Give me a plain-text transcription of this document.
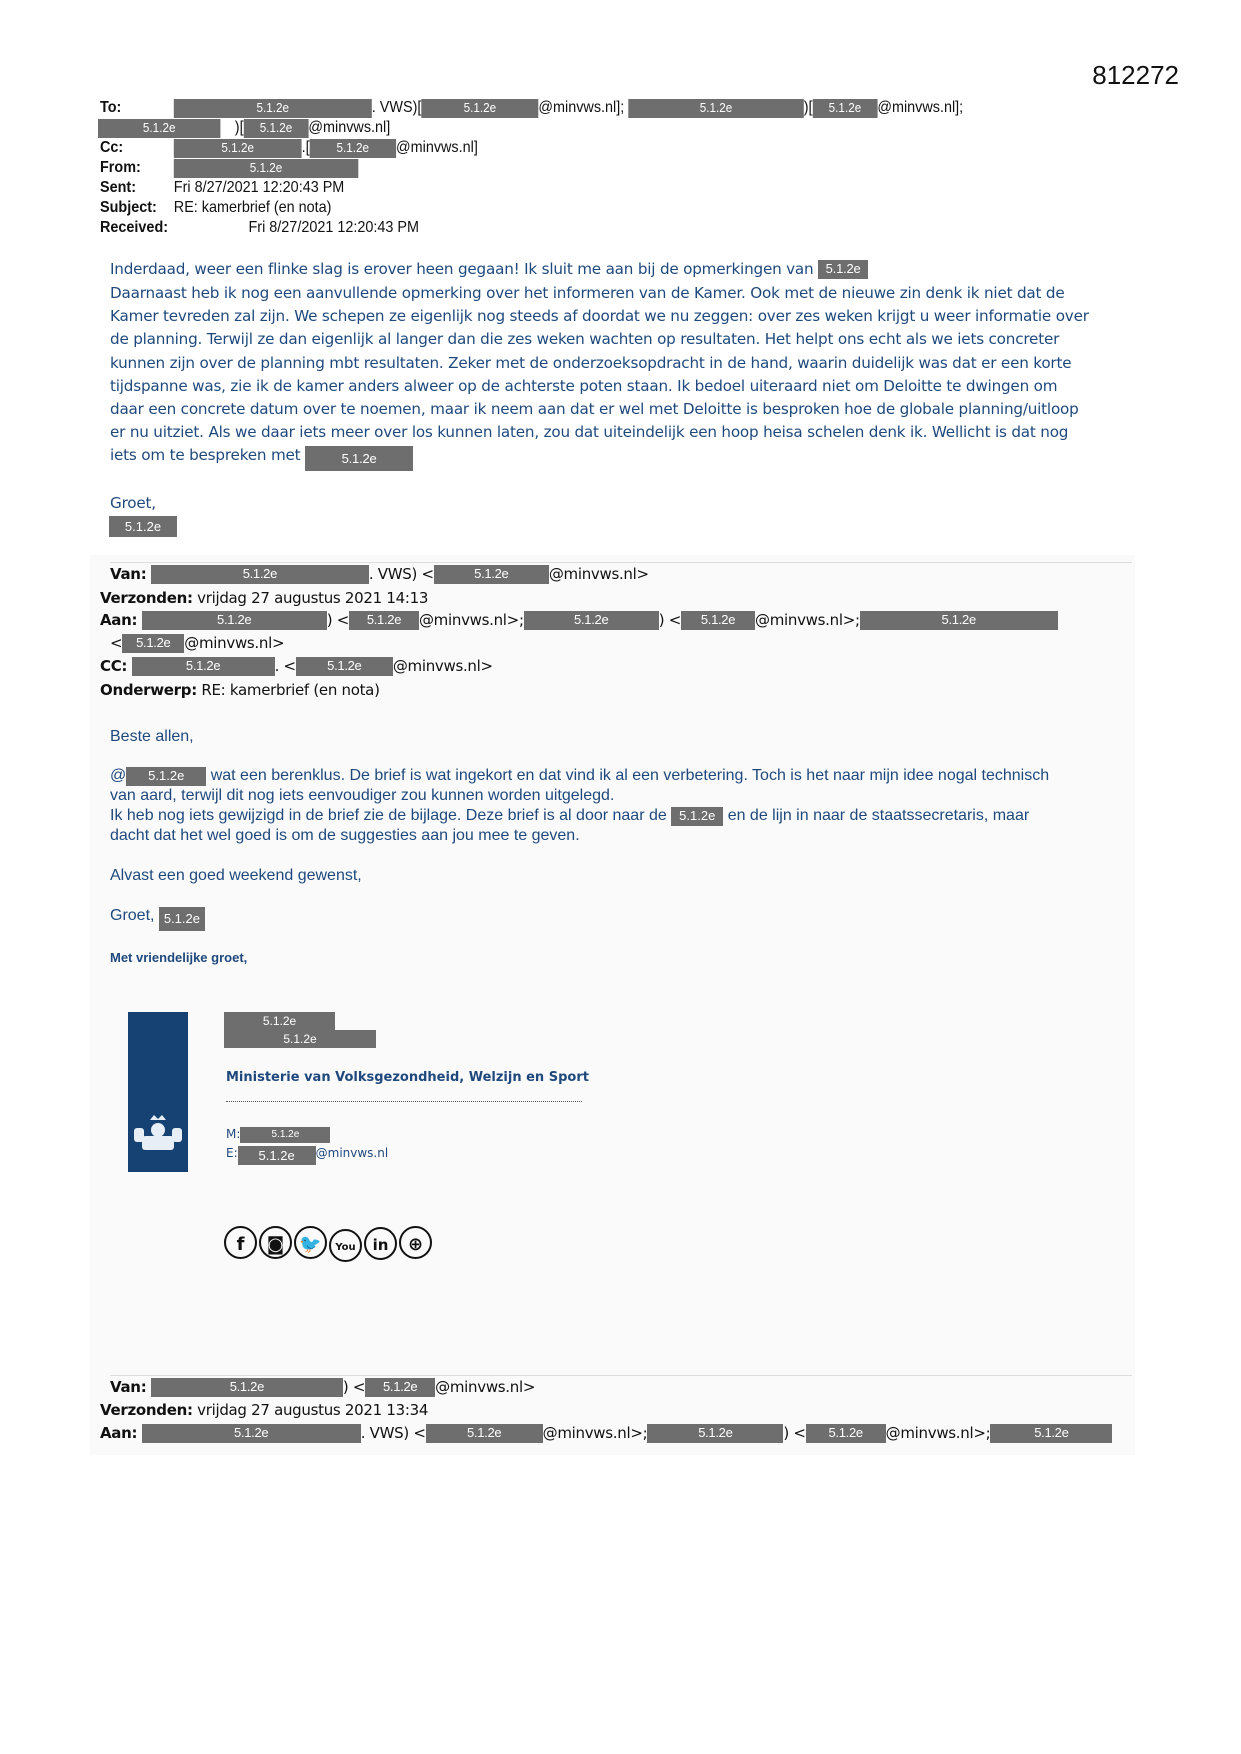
812272
To:	5.1.2e	. VWS)[	5.1.2e	@minvws.nl];	5.1.2e	)[ 5.1.2e @minvws.nl];
5.1.2e	)[ 5.1.2e @minvws.nl]
Cc:	5.1.2e	.[ 5.1.2e @minvws.nl]
From:	5.1.2e
Sent: Fri 8/27/2021 12:20:43 PM
Subject: RE: kamerbrief (en nota)
Received:	Fri 8/27/2021 12:20:43 PM
Inderdaad, weer een flinke slag is erover heen gegaan! Ik sluit me aan bij de opmerkingen van 5.1.2e
Daarnaast heb ik nog een aanvullende opmerking over het informeren van de Kamer. Ook met de nieuwe zin denk ik niet dat de
Kamer tevreden zal zijn. We schepen ze eigenlijk nog steeds af doordat we nu zeggen: over zes weken krijgt u weer informatie over
de planning. Terwijl ze dan eigenlijk al langer dan die zes weken wachten op resultaten. Het helpt ons echt als we iets concreter
kunnen zijn over de planning mbt resultaten. Zeker met de onderzoeksopdracht in de hand, waarin duidelijk was dat er een korte
tijdspanne was, zie ik de kamer anders alweer op de achterste poten staan. Ik bedoel uiteraard niet om Deloitte te dwingen om
daar een concrete datum over te noemen, maar ik neem aan dat er wel met Deloitte is besproken hoe de globale planning/uitloop
er nu uitziet. Als we daar iets meer over los kunnen laten, zou dat uiteindelijk een hoop heisa schelen denk ik. Wellicht is dat nog
iets om te bespreken met	5.1.2e
Groet,
5.1.2e
Van:	5.1.2e	. VWS) <	5.1.2e	@minvws.nl>
Verzonden: vrijdag 27 augustus 2021 14:13
Aan:	5.1.2e	) < 5.1.2e @minvws.nl>;	5.1.2e	) < 5.1.2e @minvws.nl>;	5.1.2e
< 5.1.2e @minvws.nl>
CC:	5.1.2e	. < 5.1.2e @minvws.nl>
Onderwerp: RE: kamerbrief (en nota)
Beste allen,
@ 5.1.2e wat een berenklus. De brief is wat ingekort en dat vind ik al een verbetering. Toch is het naar mijn idee nogal technisch
van aard, terwijl dit nog iets eenvoudiger zou kunnen worden uitgelegd.
Ik heb nog iets gewijzigd in de brief zie de bijlage. Deze brief is al door naar de 5.1.2e en de lijn in naar de staatssecretaris, maar
dacht dat het wel goed is om de suggesties aan jou mee te geven.
Alvast een goed weekend gewenst,
Groet, 5.1.2e
Met vriendelijke groet,
5.1.2e
5.1.2e
Ministerie van Volksgezondheid, Welzijn en Sport
M:	5.1.2e
E: 5.1.2e @minvws.nl
f ◙ 🐦 You in ⊕
Van:	5.1.2e	) < 5.1.2e @minvws.nl>
Verzonden: vrijdag 27 augustus 2021 13:34
Aan:	5.1.2e	. VWS) <	5.1.2e	@minvws.nl>;	5.1.2e	) < 5.1.2e @minvws.nl>;	5.1.2e
